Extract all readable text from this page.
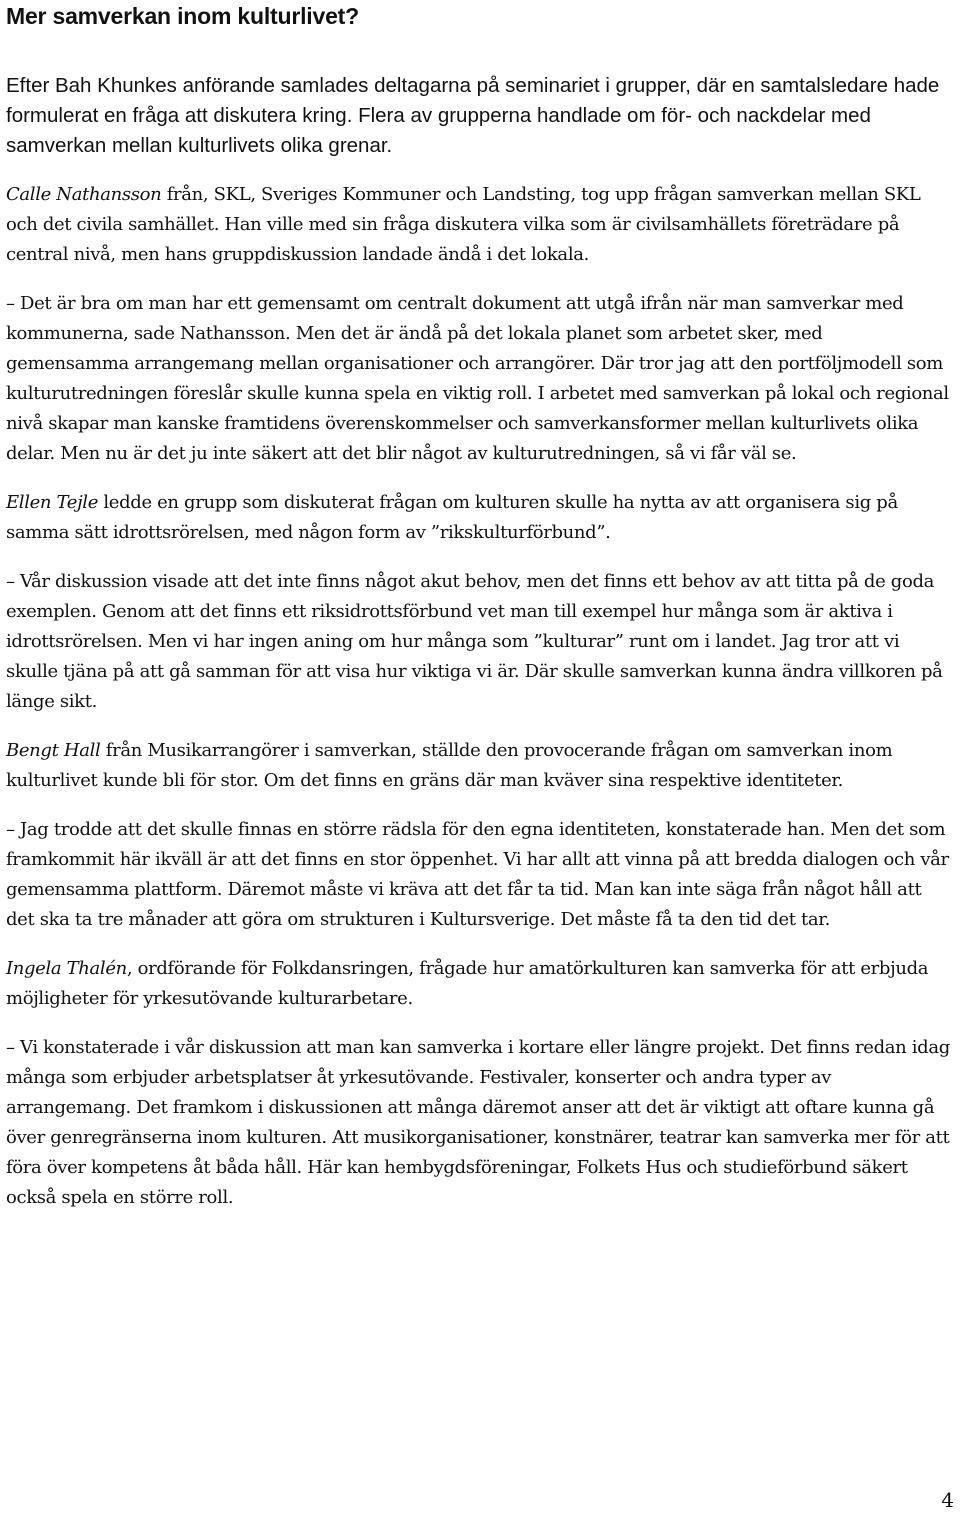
Mer samverkan inom kulturlivet?

Efter Bah Khunkes anförande samlades deltagarna på seminariet i grupper, där en samtalsledare hade formulerat en fråga att diskutera kring. Flera av grupperna handlade om för- och nackdelar med samverkan mellan kulturlivets olika grenar.

Calle Nathansson från, SKL, Sveriges Kommuner och Landsting, tog upp frågan samverkan mellan SKL och det civila samhället. Han ville med sin fråga diskutera vilka som är civilsamhällets företrädare på central nivå, men hans gruppdiskussion landade ändå i det lokala.

– Det är bra om man har ett gemensamt om centralt dokument att utgå ifrån när man samverkar med kommunerna, sade Nathansson. Men det är ändå på det lokala planet som arbetet sker, med gemensamma arrangemang mellan organisationer och arrangörer. Där tror jag att den portföljmodell som kulturutredningen föreslår skulle kunna spela en viktig roll. I arbetet med samverkan på lokal och regional nivå skapar man kanske framtidens överenskommelser och samverkansformer mellan kulturlivets olika delar. Men nu är det ju inte säkert att det blir något av kulturutredningen, så vi får väl se.

Ellen Tejle ledde en grupp som diskuterat frågan om kulturen skulle ha nytta av att organisera sig på samma sätt idrottsrörelsen, med någon form av ”rikskulturförbund”.

– Vår diskussion visade att det inte finns något akut behov, men det finns ett behov av att titta på de goda exemplen. Genom att det finns ett riksidrottsförbund vet man till exempel hur många som är aktiva i idrottsrörelsen. Men vi har ingen aning om hur många som ”kulturar” runt om i landet. Jag tror att vi skulle tjäna på att gå samman för att visa hur viktiga vi är. Där skulle samverkan kunna ändra villkoren på länge sikt.

Bengt Hall från Musikarrangörer i samverkan, ställde den provocerande frågan om samverkan inom kulturlivet kunde bli för stor. Om det finns en gräns där man kväver sina respektive identiteter.

– Jag trodde att det skulle finnas en större rädsla för den egna identiteten, konstaterade han. Men det som framkommit här ikväll är att det finns en stor öppenhet. Vi har allt att vinna på att bredda dialogen och vår gemensamma plattform. Däremot måste vi kräva att det får ta tid. Man kan inte säga från något håll att det ska ta tre månader att göra om strukturen i Kultursverige. Det måste få ta den tid det tar.

Ingela Thalén, ordförande för Folkdansringen, frågade hur amatörkulturen kan samverka för att erbjuda möjligheter för yrkesutövande kulturarbetare.

– Vi konstaterade i vår diskussion att man kan samverka i kortare eller längre projekt. Det finns redan idag många som erbjuder arbetsplatser åt yrkesutövande. Festivaler, konserter och andra typer av arrangemang. Det framkom i diskussionen att många däremot anser att det är viktigt att oftare kunna gå över genregränserna inom kulturen. Att musikorganisationer, konstnärer, teatrar kan samverka mer för att föra över kompetens åt båda håll. Här kan hembygdsföreningar, Folkets Hus och studieförbund säkert också spela en större roll.

4
